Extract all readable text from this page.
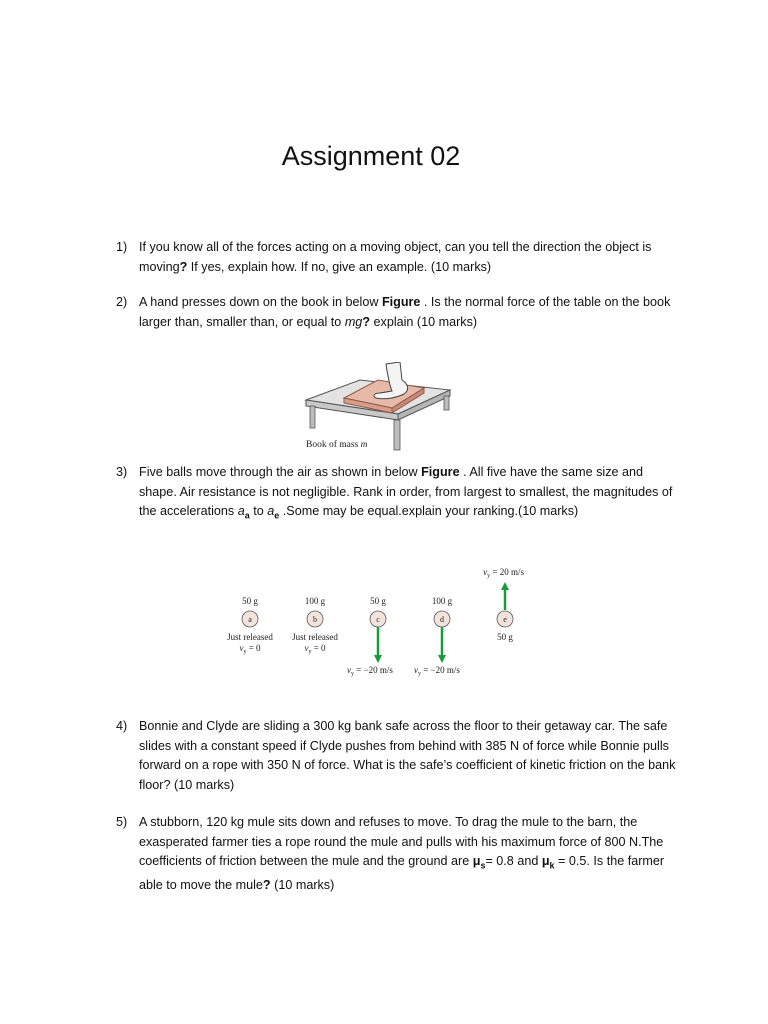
Assignment 02
1) If you know all of the forces acting on a moving object, can you tell the direction the object is moving? If yes, explain how. If no, give an example. (10 marks)
2) A hand presses down on the book in below Figure . Is the normal force of the table on the book larger than, smaller than, or equal to mg? explain (10 marks)
Book of mass m
3) Five balls move through the air as shown in below Figure . All five have the same size and shape. Air resistance is not negligible. Rank in order, from largest to smallest, the magnitudes of the accelerations $a_a$ to $a_e$ .Some may be equal.explain your ranking.(10 marks)
50 g
a
Just released
$v_y = 0$
100 g
b
Just released
$v_y = 0$
50 g
c
100 g
d
$v_y = 20$ m/s
e
50 g
$v_y = -20$ m/s $v_y = -20$ m/s
4) Bonnie and Clyde are sliding a 300 kg bank safe across the floor to their getaway car. The safe slides with a constant speed if Clyde pushes from behind with 385 N of force while Bonnie pulls forward on a rope with 350 N of force. What is the safe’s coefficient of kinetic friction on the bank floor? (10 marks)
5) A stubborn, 120 kg mule sits down and refuses to move. To drag the mule to the barn, the exasperated farmer ties a rope round the mule and pulls with his maximum force of 800 N.The coefficients of friction between the mule and the ground are $\mu_s= 0.8$ and $\mu_k = 0.5$. Is the farmer able to move the mule? (10 marks)
